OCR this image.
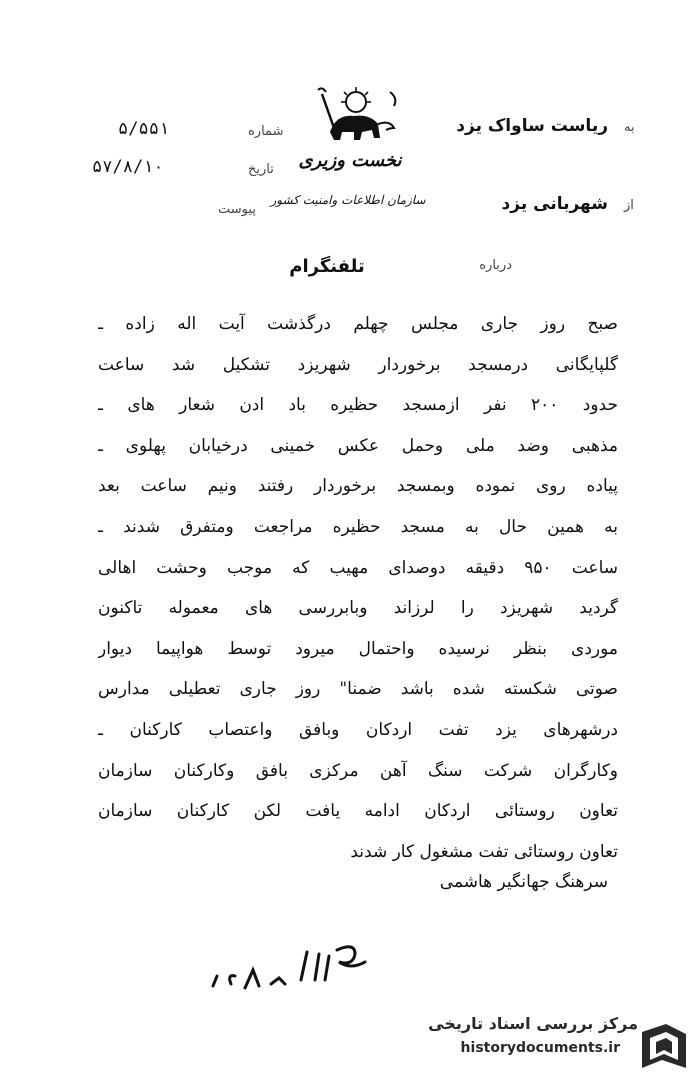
به
ریاست ساواک یزد
از
شهربانی یزد
شماره
۵/۵۵۱
تاریخ
۵۷/۸/۱۰
پیوست
نخست وزیری
سازمان اطلاعات وامنیت کشور
درباره
تلفنگرام
صبح روز جاری مجلس چهلم درگذشت آیت اله زاده ـ
گلپایگانی درمسجد برخوردار شهریزد تشکیل شد ساعت
حدود ۲۰۰ نفر ازمسجد حظیره باد ادن شعار های ـ
مذهبی وضد ملی وحمل عکس خمینی درخیابان پهلوی ـ
پیاده روی نموده وبمسجد برخوردار رفتند ونیم ساعت بعد
به همین حال به مسجد حظیره مراجعت ومتفرق شدند ـ
ساعت ۹۵۰ دقیقه دوصدای مهیب که موجب وحشت اهالی
گردید شهریزد را لرزاند وبابررسی های معموله تاکنون
موردی بنظر نرسیده واحتمال میرود توسط هواپیما دیوار
صوتی شکسته شده باشد ضمنا" روز جاری تعطیلی مدارس
درشهرهای یزد تفت اردکان وبافق واعتصاب کارکنان ـ
وکارگران شرکت سنگ آهن مرکزی بافق وکارکنان سازمان
تعاون روستائی اردکان ادامه یافت لکن کارکنان سازمان
تعاون روستائی تفت مشغول کار شدند
سرهنگ جهانگیر هاشمی
مرکز بررسی اسناد تاریخی
historydocuments.ir
